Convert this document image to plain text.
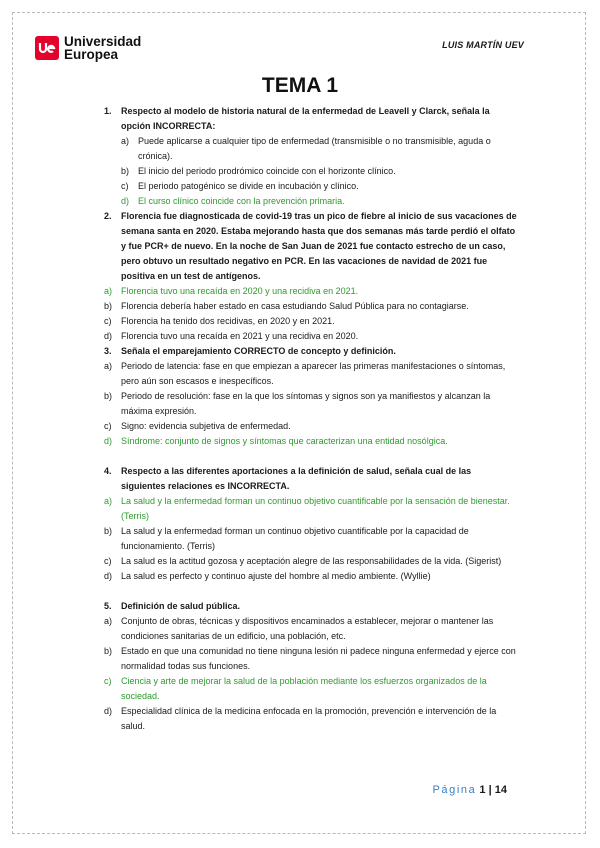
Universidad
Europea
LUIS MARTÍN UEV
TEMA 1
1.	Respecto al modelo de historia natural de la enfermedad de Leavell y Clarck, señala la opción INCORRECTA:
a) Puede aplicarse a cualquier tipo de enfermedad (transmisible o no transmisible, aguda o crónica).
b) El inicio del periodo prodrómico coincide con el horizonte clínico.
c)	El periodo patogénico se divide en incubación y clínico.
d) El curso clínico coincide con la prevención primaria.
2.	Florencia fue diagnosticada de covid-19 tras un pico de fiebre al inicio de sus vacaciones de semana santa en 2020. Estaba mejorando hasta que dos semanas más tarde perdió el olfato y fue PCR+ de nuevo. En la noche de San Juan de 2021 fue contacto estrecho de un caso, pero obtuvo un resultado negativo en PCR. En las vacaciones de navidad de 2021 fue positiva en un test de antígenos.
a) Florencia tuvo una recaída en 2020 y una recidiva en 2021.
b) Florencia debería haber estado en casa estudiando Salud Pública para no contagiarse.
c)	Florencia ha tenido dos recidivas, en 2020 y en 2021.
d) Florencia tuvo una recaída en 2021 y una recidiva en 2020.
3.	Señala el emparejamiento CORRECTO de concepto y definición.
a) Periodo de latencia: fase en que empiezan a aparecer las primeras manifestaciones o síntomas, pero aún son escasos e inespecíficos.
b) Periodo de resolución: fase en la que los síntomas y signos son ya manifiestos y alcanzan la máxima expresión.
c)	Signo: evidencia subjetiva de enfermedad.
d) Síndrome: conjunto de signos y síntomas que caracterizan una entidad nosólgica.
4.	Respecto a las diferentes aportaciones a la definición de salud, señala cual de las siguientes relaciones es INCORRECTA.
a) La salud y la enfermedad forman un continuo objetivo cuantificable por la sensación de bienestar. (Terris)
b) La salud y la enfermedad forman un continuo objetivo cuantificable por la capacidad de funcionamiento. (Terris)
c)	La salud es la actitud gozosa y aceptación alegre de las responsabilidades de la vida. (Sigerist)
d) La salud es perfecto y continuo ajuste del hombre al medio ambiente. (Wyllie)
5.	Definición de salud pública.
a) Conjunto de obras, técnicas y dispositivos encaminados a establecer, mejorar o mantener las condiciones sanitarias de un edificio, una población, etc.
b) Estado en que una comunidad no tiene ninguna lesión ni padece ninguna enfermedad y ejerce con normalidad todas sus funciones.
c)	Ciencia y arte de mejorar la salud de la población mediante los esfuerzos organizados de la sociedad.
d) Especialidad clínica de la medicina enfocada en la promoción, prevención e intervención de la salud.
Página 1 | 14
